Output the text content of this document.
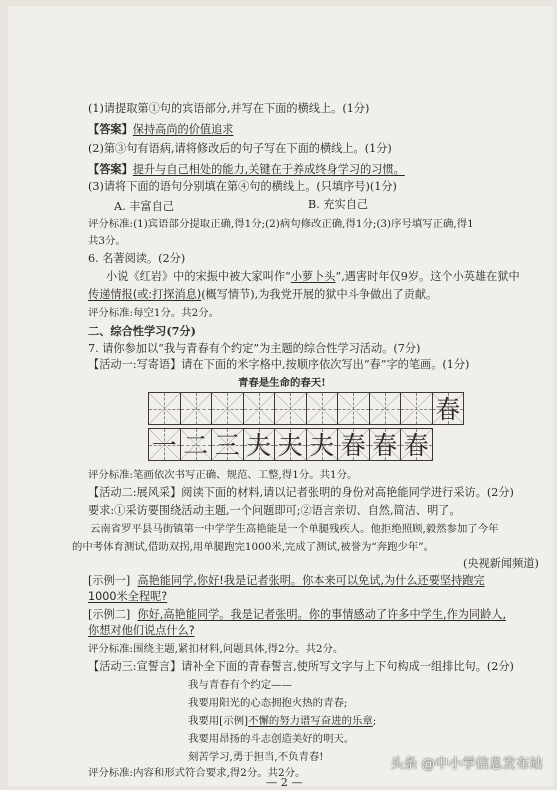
(1)请提取第①句的宾语部分,并写在下面的横线上。(1分)
【答案】保持高尚的价值追求
(2)第③句有语病,请将修改后的句子写在下面的横线上。(1分)
【答案】提升与自己相处的能力,关键在于养成终身学习的习惯。
(3)请将下面的语句分别填在第④句的横线上。(只填序号)(1分)
A. 丰富自己	B. 充实自己
评分标准:(1)宾语部分提取正确,得1分;(2)病句修改正确,得1分;(3)序号填写正确,得1
共3分。
6. 名著阅读。(2分)
小说《红岩》中的宋振中被大家叫作“小萝卜头”,遇害时年仅9岁。这个小英雄在狱中
传递情报(或:打探消息)(概写情节),为我党开展的狱中斗争做出了贡献。
评分标准:每空1分。共2分。
二、综合性学习(7分)
7. 请你参加以“我与青春有个约定”为主题的综合性学习活动。(7分)
【活动一:写寄语】请在下面的米字格中,按顺序依次写出“春”字的笔画。(1分)
青春是生命的春天!
春
一 二 三 夫 夫 夫 春 春 春
评分标准:笔画依次书写正确、规范、工整,得1分。共1分。
【活动二:展风采】阅读下面的材料,请以记者张明的身份对高艳能同学进行采访。(2分)
要求:①采访要围绕活动主题,一个问题即可;②语言亲切、自然,简洁、明了。
云南省罗平县马街镇第一中学学生高艳能是一个单腿残疾人。他拒绝照顾,毅然参加了今年
的中考体育测试,借助双拐,用单腿跑完1000米,完成了测试,被誉为“奔跑少年”。
(央视新闻频道)
[示例一] 高艳能同学,你好!我是记者张明。你本来可以免试,为什么还要坚持跑完
1000米全程呢?
[示例二] 你好,高艳能同学。我是记者张明。你的事情感动了许多中学生,作为同龄人,
你想对他们说点什么?
评分标准:围绕主题,紧扣材料,问题具体,得2分。共2分。
【活动三:宣誓言】请补全下面的青春誓言,使所写文字与上下句构成一组排比句。(2分)
我与青春有个约定——
我要用阳光的心态拥抱火热的青春;
我要用[示例]不懈的努力谱写奋进的乐章;
我要用昂扬的斗志创造美好的明天。
刻苦学习,勇于担当,不负青春!
评分标准:内容和形式符合要求,得2分。共2分。
— 2 —
头条 @中小学信息发布站
